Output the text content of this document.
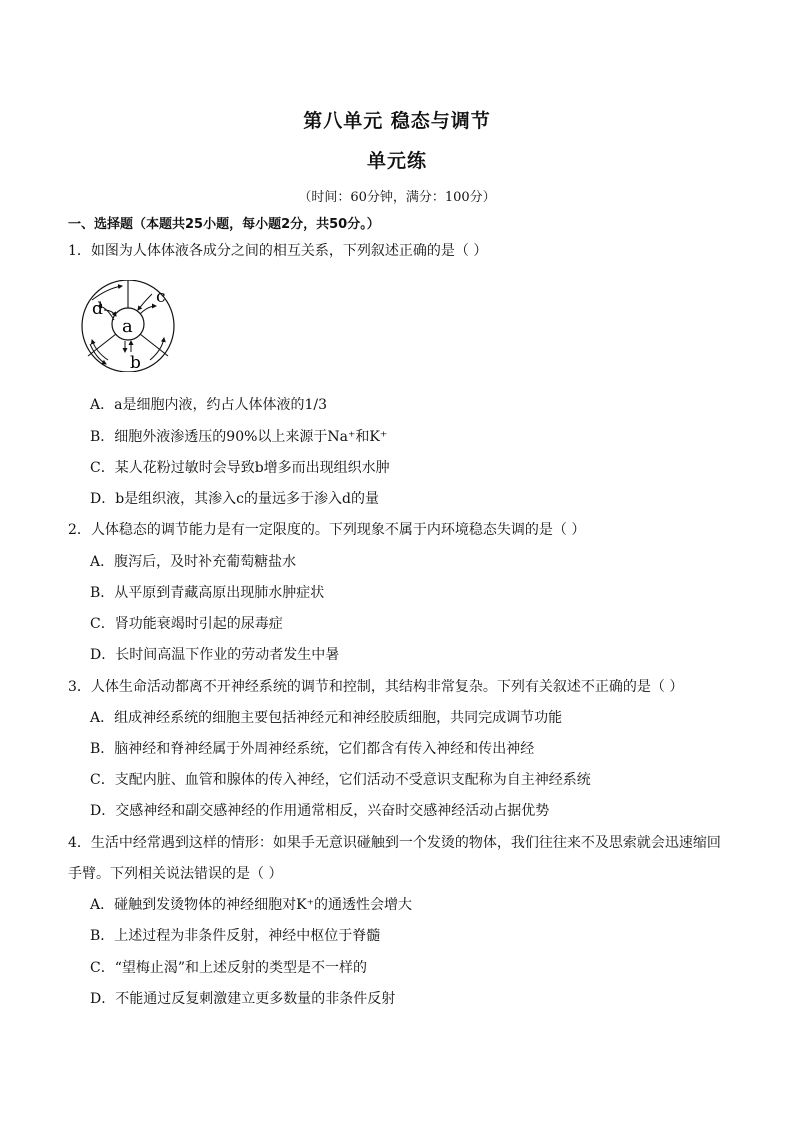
第八单元 稳态与调节
单元练
（时间：60分钟，满分：100分）
一、选择题（本题共25小题，每小题2分，共50分。）
1．如图为人体体液各成分之间的相互关系，下列叙述正确的是（ ）
a
b
c
d
A．a是细胞内液，约占人体体液的1/3
B．细胞外液渗透压的90%以上来源于Na⁺和K⁺
C．某人花粉过敏时会导致b增多而出现组织水肿
D．b是组织液，其渗入c的量远多于渗入d的量
2．人体稳态的调节能力是有一定限度的。下列现象不属于内环境稳态失调的是（ ）
A．腹泻后，及时补充葡萄糖盐水
B．从平原到青藏高原出现肺水肿症状
C．肾功能衰竭时引起的尿毒症
D．长时间高温下作业的劳动者发生中暑
3．人体生命活动都离不开神经系统的调节和控制，其结构非常复杂。下列有关叙述不正确的是（ ）
A．组成神经系统的细胞主要包括神经元和神经胶质细胞，共同完成调节功能
B．脑神经和脊神经属于外周神经系统，它们都含有传入神经和传出神经
C．支配内脏、血管和腺体的传入神经，它们活动不受意识支配称为自主神经系统
D．交感神经和副交感神经的作用通常相反，兴奋时交感神经活动占据优势
4．生活中经常遇到这样的情形：如果手无意识碰触到一个发烫的物体，我们往往来不及思索就会迅速缩回
手臂。下列相关说法错误的是（ ）
A．碰触到发烫物体的神经细胞对K⁺的通透性会增大
B．上述过程为非条件反射，神经中枢位于脊髓
C．“望梅止渴”和上述反射的类型是不一样的
D．不能通过反复刺激建立更多数量的非条件反射
